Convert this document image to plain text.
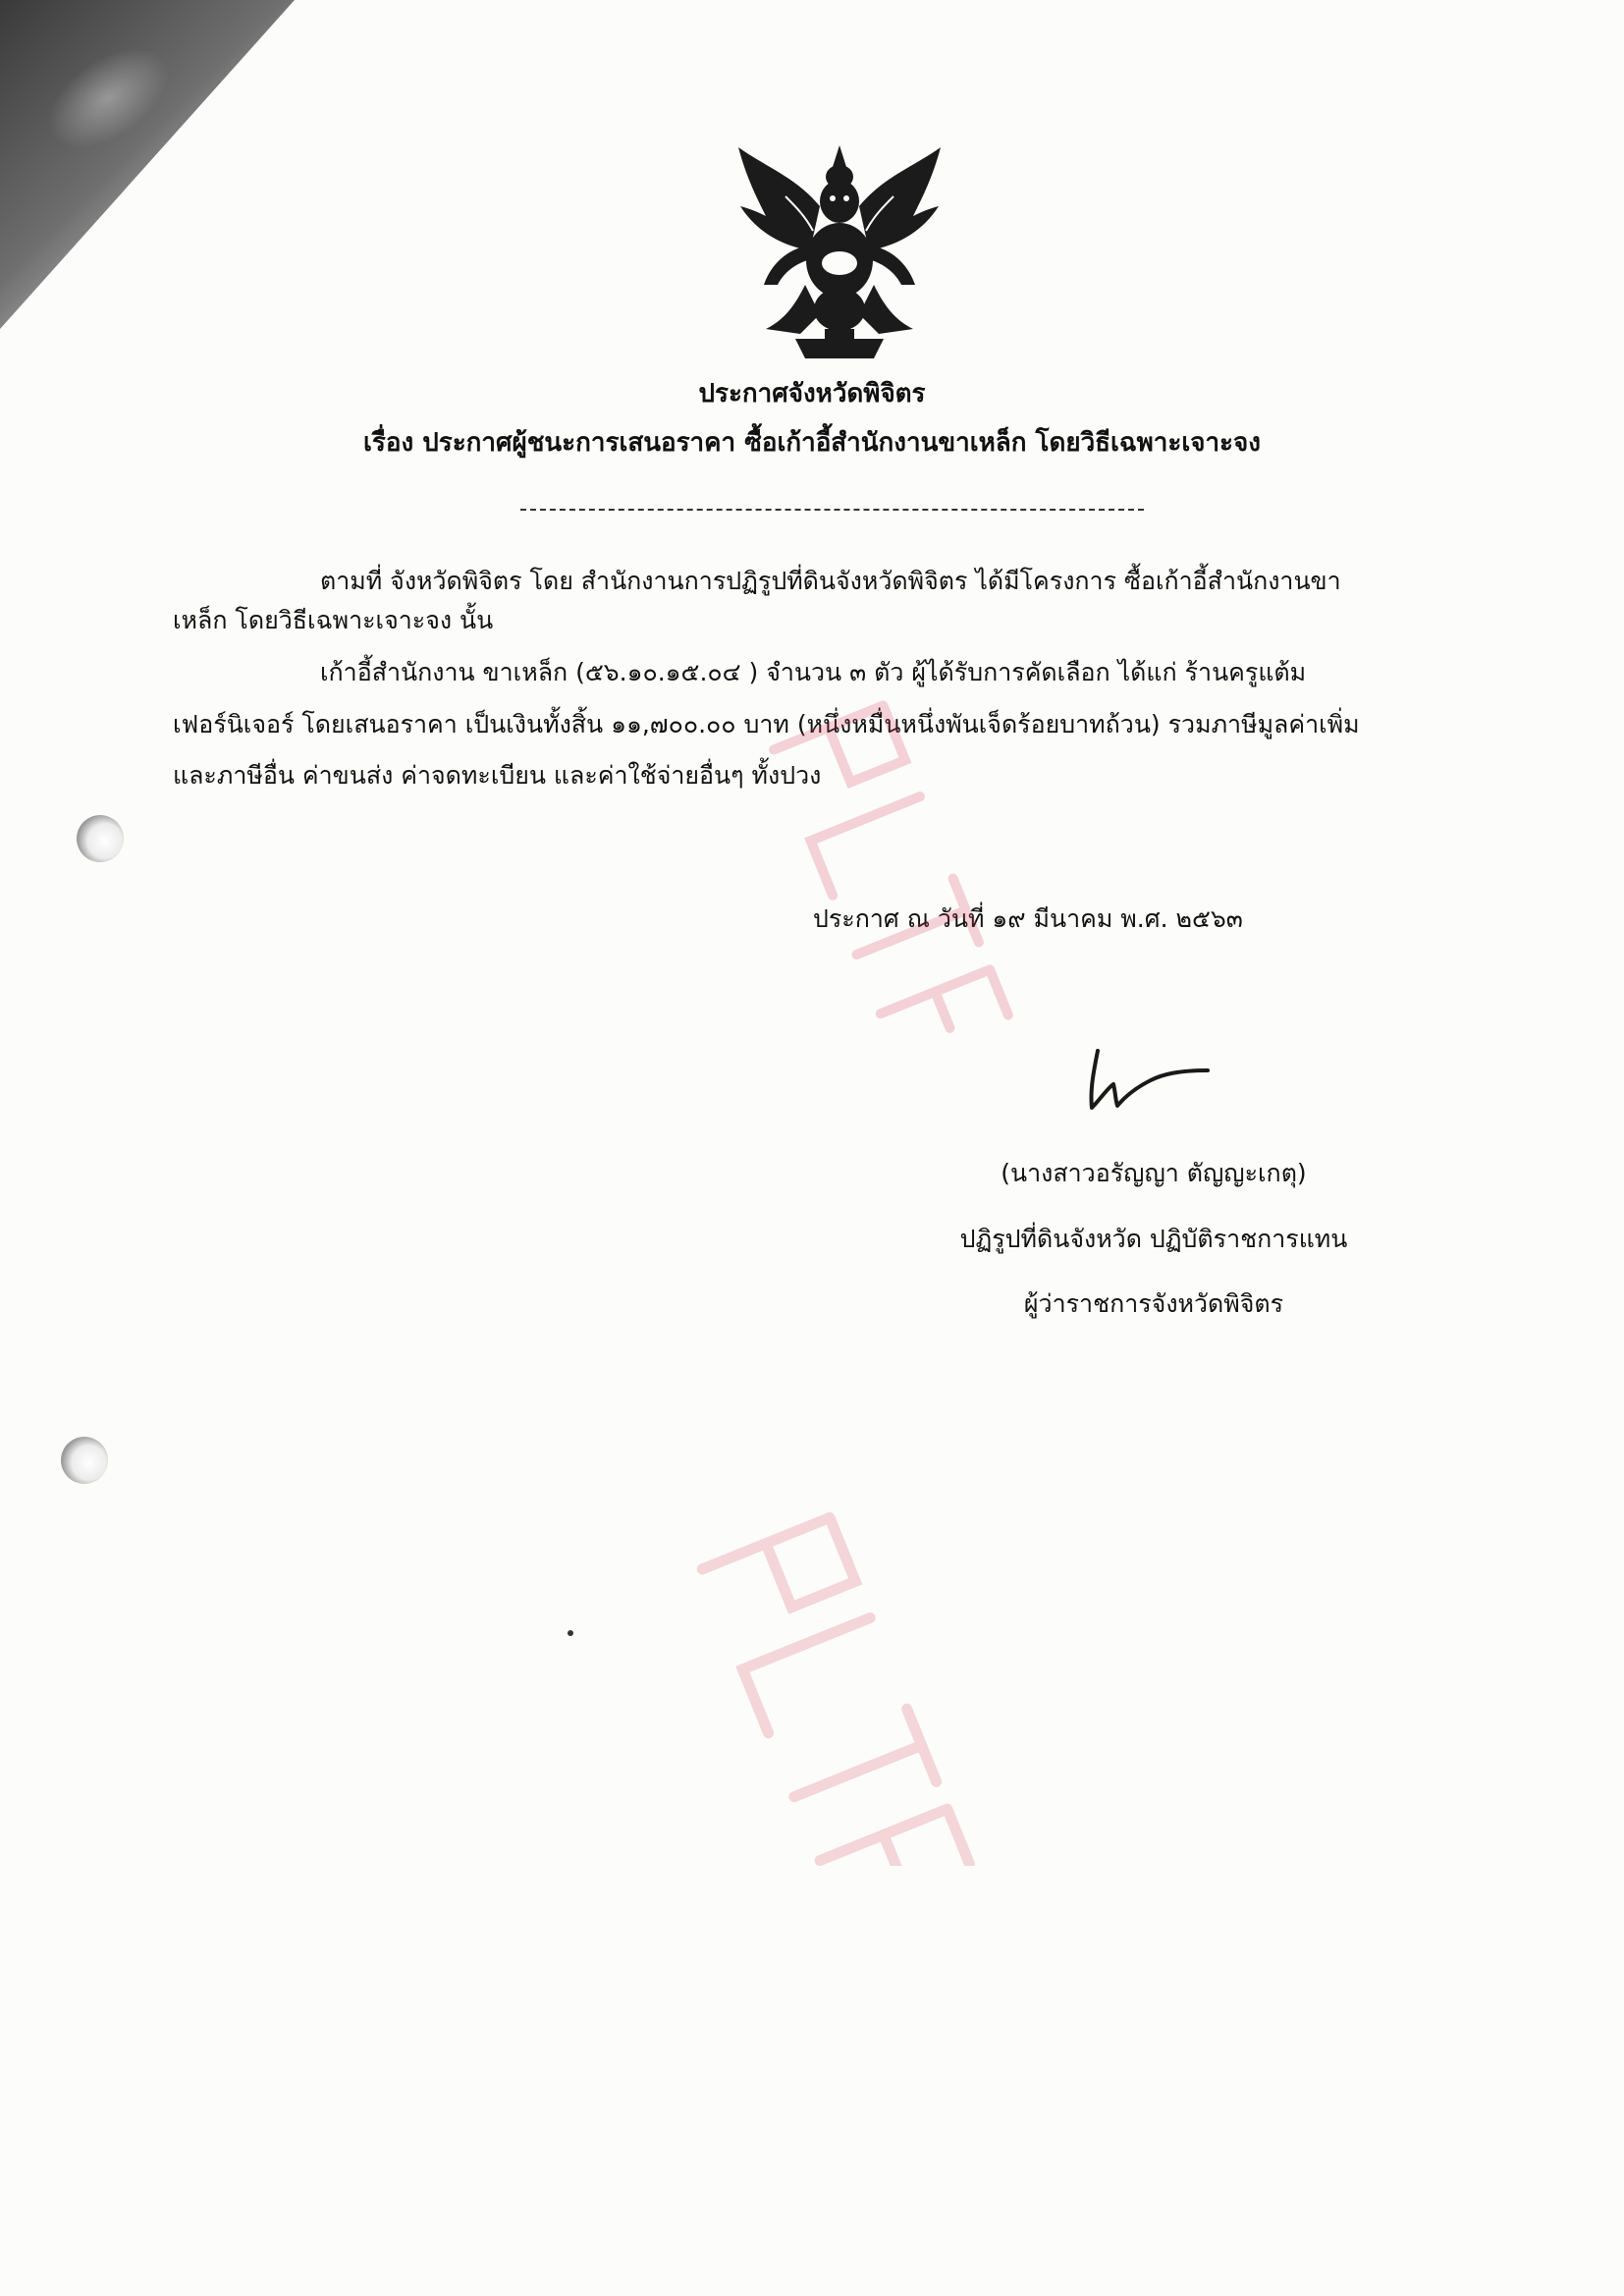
ประกาศจังหวัดพิจิตร
เรื่อง ประกาศผู้ชนะการเสนอราคา ซื้อเก้าอี้สำนักงานขาเหล็ก โดยวิธีเฉพาะเจาะจง
ตามที่ จังหวัดพิจิตร โดย สำนักงานการปฏิรูปที่ดินจังหวัดพิจิตร ได้มีโครงการ ซื้อเก้าอี้สำนักงานขา
เหล็ก โดยวิธีเฉพาะเจาะจง นั้น
เก้าอี้สำนักงาน ขาเหล็ก (๕๖.๑๐.๑๕.๐๔ ) จำนวน ๓ ตัว ผู้ได้รับการคัดเลือก ได้แก่ ร้านครูแต้ม
เฟอร์นิเจอร์ โดยเสนอราคา เป็นเงินทั้งสิ้น ๑๑,๗๐๐.๐๐ บาท (หนึ่งหมื่นหนึ่งพันเจ็ดร้อยบาทถ้วน) รวมภาษีมูลค่าเพิ่ม
และภาษีอื่น ค่าขนส่ง ค่าจดทะเบียน และค่าใช้จ่ายอื่นๆ ทั้งปวง
ประกาศ ณ วันที่ ๑๙ มีนาคม พ.ศ. ๒๕๖๓
(นางสาวอรัญญา ตัญญะเกตุ)
ปฏิรูปที่ดินจังหวัด ปฏิบัติราชการแทน
ผู้ว่าราชการจังหวัดพิจิตร
